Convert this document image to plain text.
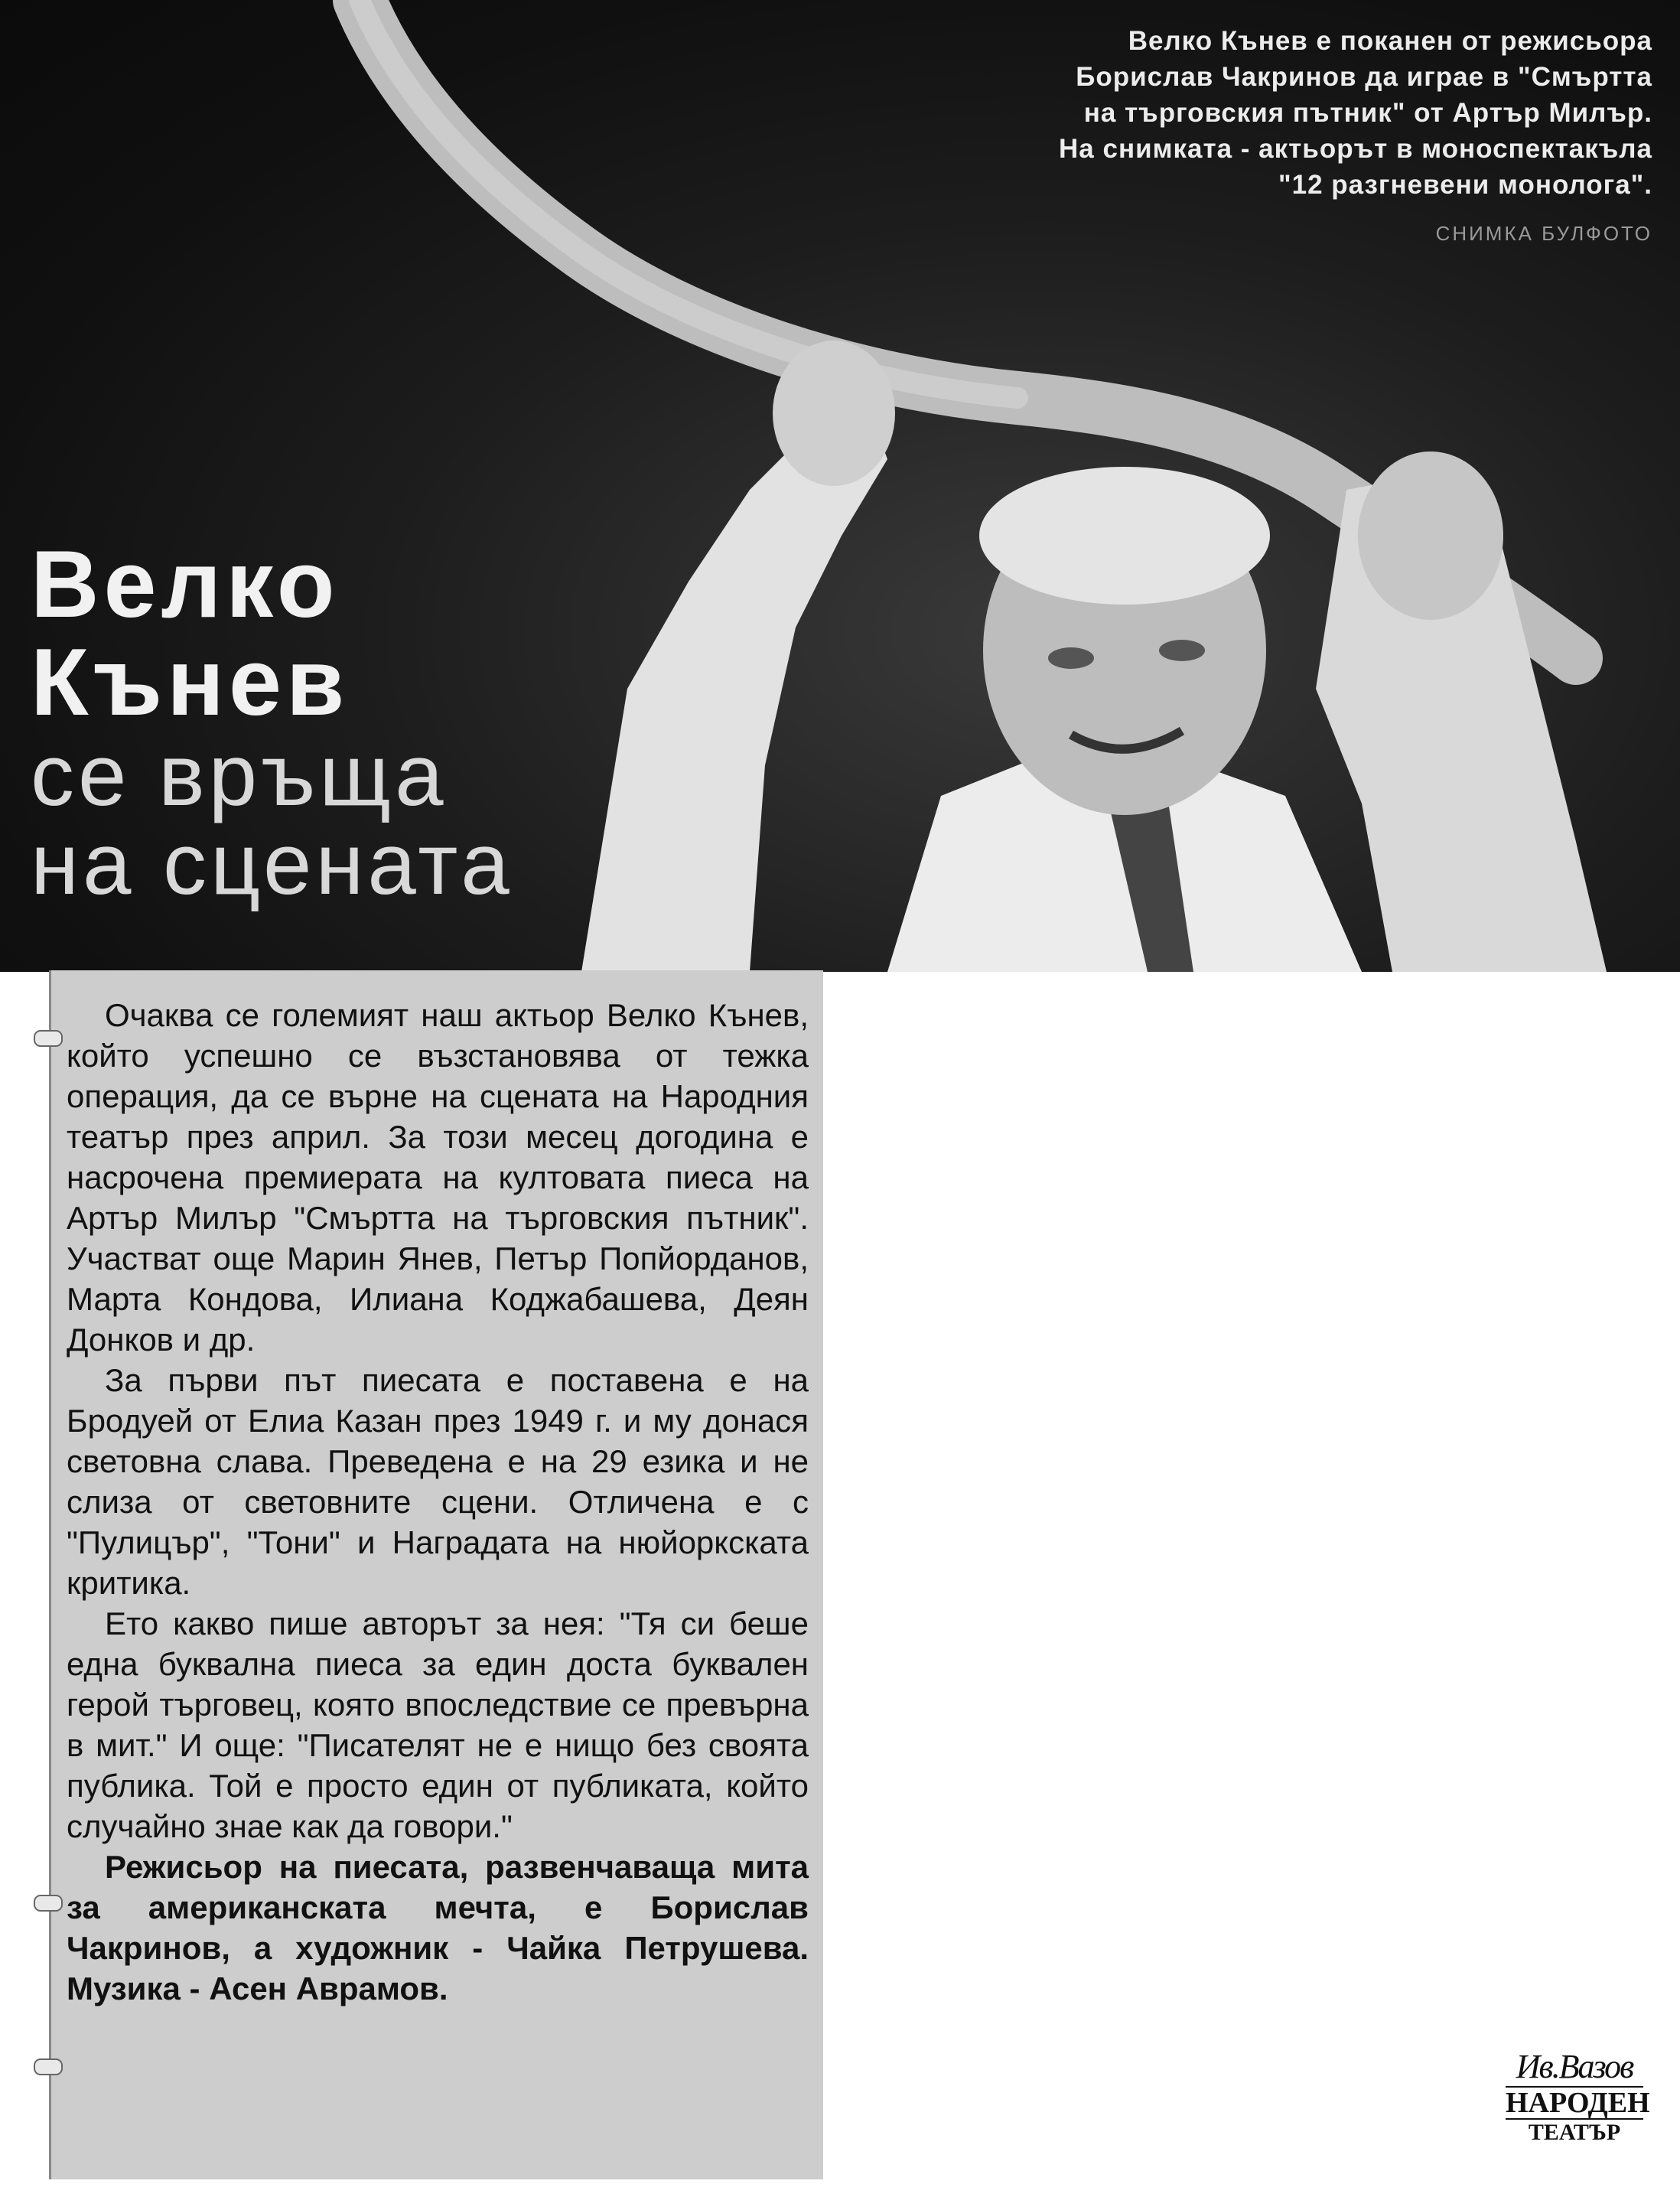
Велко Кънев е поканен от режисьора
Борислав Чакринов да играе в "Смъртта
на търговския пътник" от Артър Милър.
На снимката - актьорът в моноспектакъла
"12 разгневени монолога".
СНИМКА БУЛФОТО
Велко
Кънев
се връща
на сцената

Очаква се големият наш актьор Велко Кънев, който успешно се възстановява от тежка операция, да се върне на сцената на Народния театър през април. За този месец догодина е насрочена премиерата на култовата пиеса на Артър Милър "Смъртта на търговския пътник". Участват още Марин Янев, Петър Попйорданов, Марта Кондова, Илиана Коджабашева, Деян Донков и др.

За първи път пиесата е поставена е на Бродуей от Елиа Казан през 1949 г. и му донася световна слава. Преведена е на 29 езика и не слиза от световните сцени. Отличена е с "Пулицър", "Тони" и Наградата на нюйоркската критика.

Ето какво пише авторът за нея: "Тя си беше една буквална пиеса за един доста буквален герой търговец, която впоследствие се превърна в мит." И още: "Писателят не е нищо без своята публика. Той е просто един от публиката, който случайно знае как да говори."

Режисьор на пиесата, развенчаваща мита за американската мечта, е Борислав Чакринов, а художник - Чайка Петрушева. Музика - Асен Аврамов.

Ив.Вазов
НАРОДЕН
ТЕАТЪР
